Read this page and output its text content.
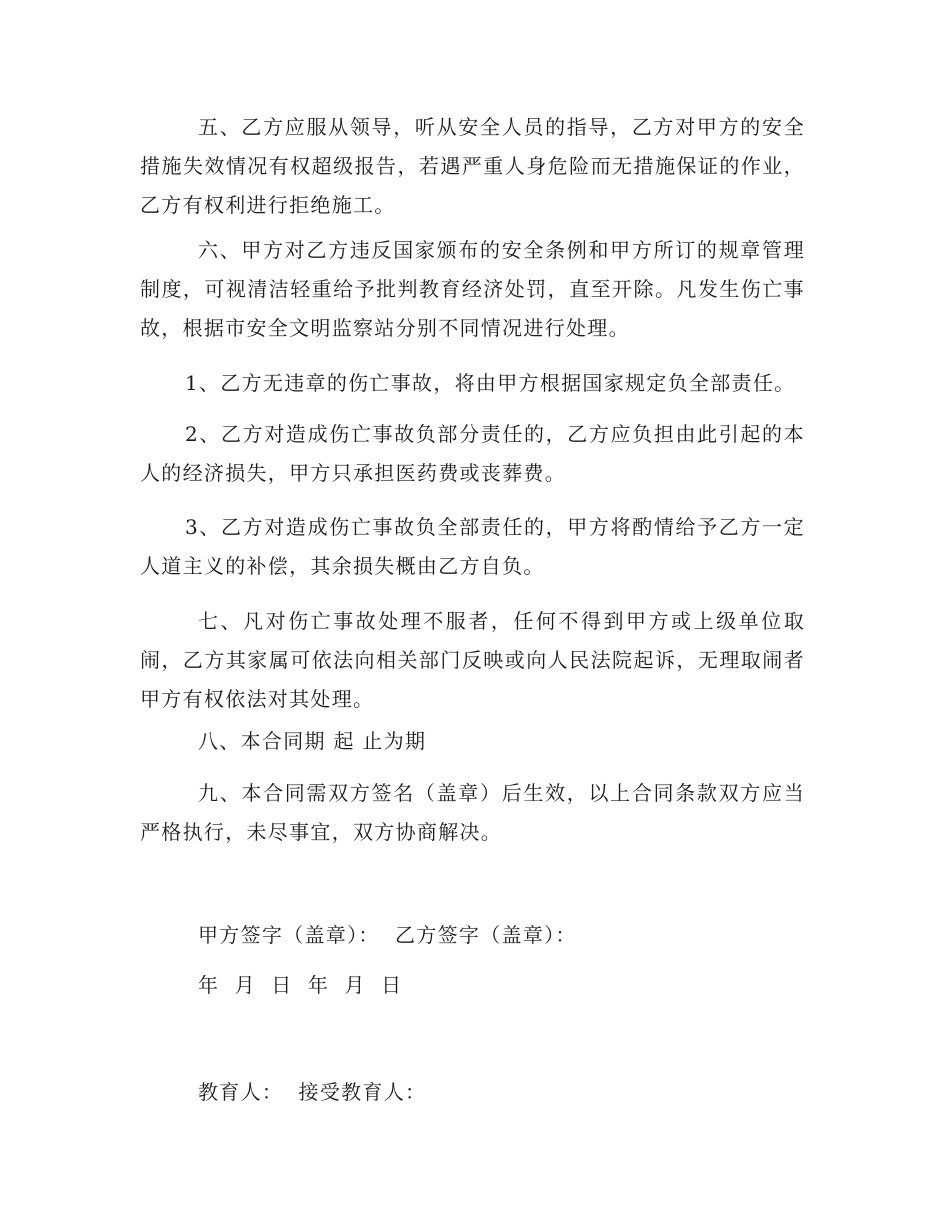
五、乙方应服从领导，听从安全人员的指导，乙方对甲方的安全措施失效情况有权超级报告，若遇严重人身危险而无措施保证的作业，乙方有权利进行拒绝施工。

六、甲方对乙方违反国家颁布的安全条例和甲方所订的规章管理制度，可视清洁轻重给予批判教育经济处罚，直至开除。凡发生伤亡事故，根据市安全文明监察站分别不同情况进行处理。

1、乙方无违章的伤亡事故，将由甲方根据国家规定负全部责任。

2、乙方对造成伤亡事故负部分责任的，乙方应负担由此引起的本人的经济损失，甲方只承担医药费或丧葬费。

3、乙方对造成伤亡事故负全部责任的，甲方将酌情给予乙方一定人道主义的补偿，其余损失概由乙方自负。

七、凡对伤亡事故处理不服者，任何不得到甲方或上级单位取闹，乙方其家属可依法向相关部门反映或向人民法院起诉，无理取闹者甲方有权依法对其处理。

八、本合同期 起 止为期

九、本合同需双方签名（盖章）后生效，以上合同条款双方应当严格执行，未尽事宜，双方协商解决。

甲方签字（盖章）：  乙方签字（盖章）：
年  月  日  年  月  日
教育人：  接受教育人：
